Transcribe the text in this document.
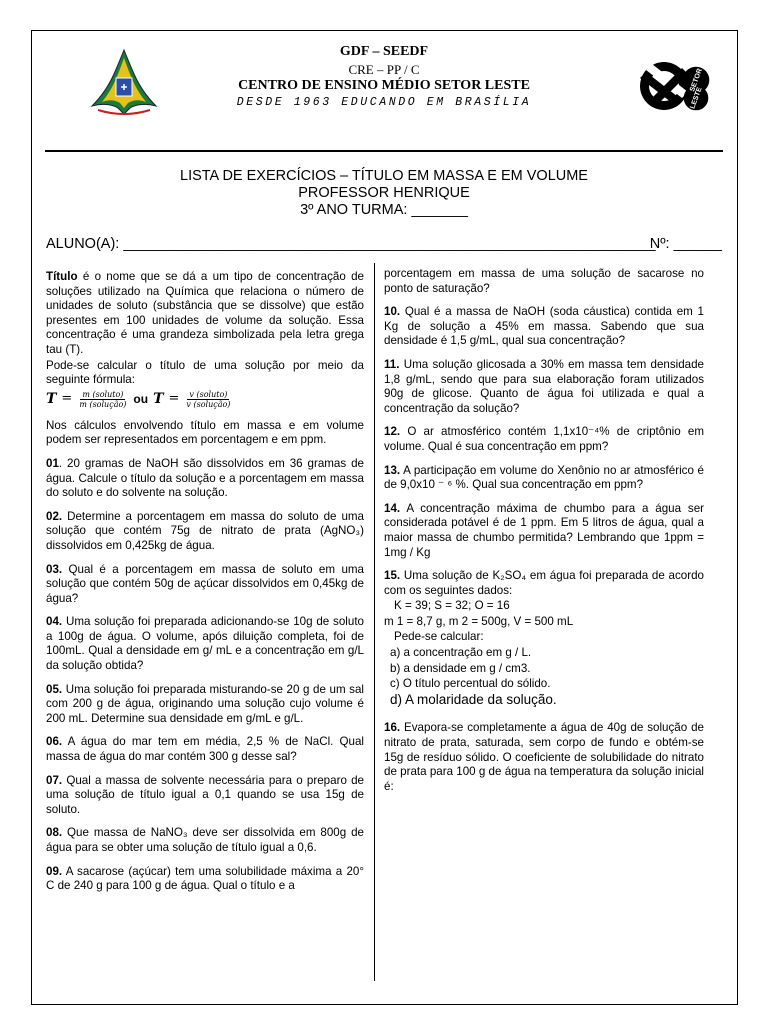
GDF – SEEDF
CRE – PP / C
CENTRO DE ENSINO MÉDIO SETOR LESTE
DESDE 1963 EDUCANDO EM BRASÍLIA
SETOR
LESTE
LISTA DE EXERCÍCIOS – TÍTULO EM MASSA E EM VOLUME
PROFESSOR HENRIQUE
3º ANO TURMA: _______
ALUNO(A): __________________________________________________________________
Nº: ______

Título é o nome que se dá a um tipo de concentração de soluções utilizado na Química que relaciona o número de unidades de soluto (substância que se dissolve) que estão presentes em 100 unidades de volume da solução. Essa concentração é uma grandeza simbolizada pela letra grega tau (T).

Pode-se calcular o título de uma solução por meio da seguinte fórmula:

$T = \frac{\text{m (soluto)}}{\text{m (solução)}}$ ou $T = \frac{\text{v (soluto)}}{\text{v (solução)}}$

Nos cálculos envolvendo título em massa e em volume podem ser representados em porcentagem e em ppm.

01. 20 gramas de NaOH são dissolvidos em 36 gramas de água. Calcule o título da solução e a porcentagem em massa do soluto e do solvente na solução.

02. Determine a porcentagem em massa do soluto de uma solução que contém 75g de nitrato de prata (AgNO₃) dissolvidos em 0,425kg de água.

03. Qual é a porcentagem em massa de soluto em uma solução que contém 50g de açúcar dissolvidos em 0,45kg de água?

04. Uma solução foi preparada adicionando-se 10g de soluto a 100g de água. O volume, após diluição completa, foi de 100mL. Qual a densidade em g/ mL e a concentração em g/L da solução obtida?

05. Uma solução foi preparada misturando-se 20 g de um sal com 200 g de água, originando uma solução cujo volume é 200 mL. Determine sua densidade em g/mL e g/L.

06. A água do mar tem em média, 2,5 % de NaCl. Qual massa de água do mar contém 300 g desse sal?

07. Qual a massa de solvente necessária para o preparo de uma solução de título igual a 0,1 quando se usa 15g de soluto.

08. Que massa de NaNO₃ deve ser dissolvida em 800g de água para se obter uma solução de título igual a 0,6.

09. A sacarose (açúcar) tem uma solubilidade máxima a 20° C de 240 g para 100 g de água. Qual o título e a

porcentagem em massa de uma solução de sacarose no ponto de saturação?

10. Qual é a massa de NaOH (soda cáustica) contida em 1 Kg de solução a 45% em massa. Sabendo que sua densidade é 1,5 g/mL, qual sua concentração?

11. Uma solução glicosada a 30% em massa tem densidade 1,8 g/mL, sendo que para sua elaboração foram utilizados 90g de glicose. Quanto de água foi utilizada e qual a concentração da solução?

12. O ar atmosférico contém 1,1x10⁻⁴% de criptônio em volume. Qual é sua concentração em ppm?

13. A participação em volume do Xenônio no ar atmosférico é de 9,0x10 ⁻ ⁶ %. Qual sua concentração em ppm?

14. A concentração máxima de chumbo para a água ser considerada potável é de 1 ppm. Em 5 litros de água, qual a maior massa de chumbo permitida? Lembrando que 1ppm = 1mg / Kg

15. Uma solução de K₂SO₄ em água foi preparada de acordo com os seguintes dados:

K = 39; S = 32; O = 16

m 1 = 8,7 g, m 2 = 500g, V = 500 mL

Pede-se calcular:

a) a concentração em g / L.

b) a densidade em g / cm3.

c) O título percentual do sólido.

d) A molaridade da solução.

16. Evapora-se completamente a água de 40g de solução de nitrato de prata, saturada, sem corpo de fundo e obtém-se 15g de resíduo sólido. O coeficiente de solubilidade do nitrato de prata para 100 g de água na temperatura da solução inicial é:
